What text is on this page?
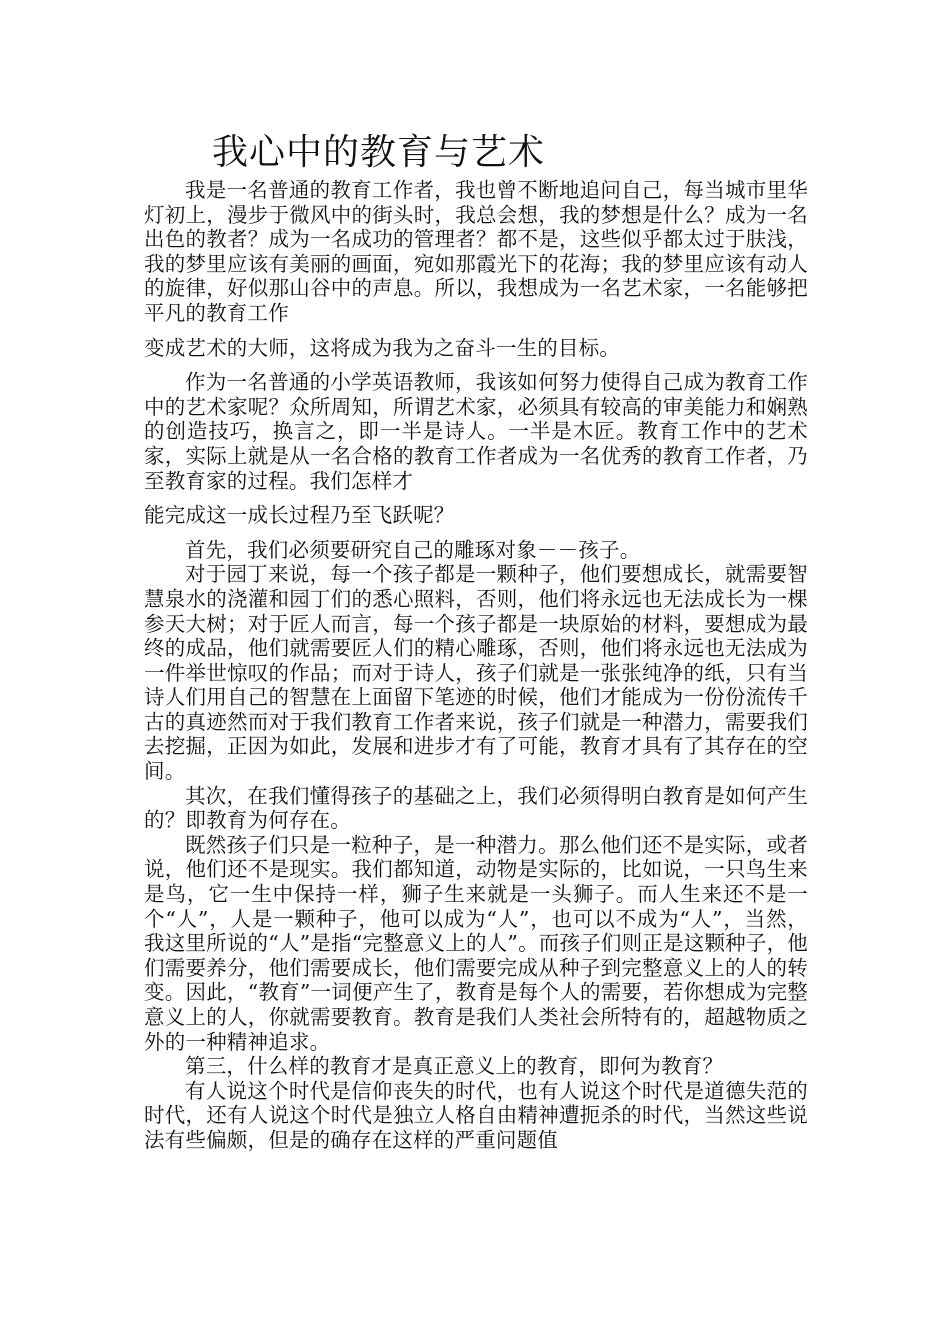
我心中的教育与艺术

我是一名普通的教育工作者，我也曾不断地追问自己，每当城市里华灯初上，漫步于微风中的街头时，我总会想，我的梦想是什么？成为一名出色的教者？成为一名成功的管理者？都不是，这些似乎都太过于肤浅，我的梦里应该有美丽的画面，宛如那霞光下的花海；我的梦里应该有动人的旋律，好似那山谷中的声息。所以，我想成为一名艺术家，一名能够把平凡的教育工作
变成艺术的大师，这将成为我为之奋斗一生的目标。

作为一名普通的小学英语教师，我该如何努力使得自己成为教育工作中的艺术家呢？众所周知，所谓艺术家，必须具有较高的审美能力和娴熟的创造技巧，换言之，即一半是诗人。一半是木匠。教育工作中的艺术家，实际上就是从一名合格的教育工作者成为一名优秀的教育工作者，乃至教育家的过程。我们怎样才
能完成这一成长过程乃至飞跃呢？

首先，我们必须要研究自己的雕琢对象－－孩子。

对于园丁来说，每一个孩子都是一颗种子，他们要想成长，就需要智慧泉水的浇灌和园丁们的悉心照料，否则，他们将永远也无法成长为一棵参天大树；对于匠人而言，每一个孩子都是一块原始的材料，要想成为最终的成品，他们就需要匠人们的精心雕琢，否则，他们将永远也无法成为一件举世惊叹的作品；而对于诗人，孩子们就是一张张纯净的纸，只有当诗人们用自己的智慧在上面留下笔迹的时候，他们才能成为一份份流传千古的真迹然而对于我们教育工作者来说，孩子们就是一种潜力，需要我们去挖掘，正因为如此，发展和进步才有了可能，教育才具有了其存在的空间。

其次，在我们懂得孩子的基础之上，我们必须得明白教育是如何产生的？即教育为何存在。

既然孩子们只是一粒种子，是一种潜力。那么他们还不是实际，或者说，他们还不是现实。我们都知道，动物是实际的，比如说，一只鸟生来是鸟，它一生中保持一样，狮子生来就是一头狮子。而人生来还不是一个“人”，人是一颗种子，他可以成为“人”，也可以不成为“人”，当然，我这里所说的“人”是指“完整意义上的人”。而孩子们则正是这颗种子，他们需要养分，他们需要成长，他们需要完成从种子到完整意义上的人的转变。因此，“教育”一词便产生了，教育是每个人的需要，若你想成为完整意义上的人，你就需要教育。教育是我们人类社会所特有的，超越物质之外的一种精神追求。

第三，什么样的教育才是真正意义上的教育，即何为教育？

有人说这个时代是信仰丧失的时代，也有人说这个时代是道德失范的时代，还有人说这个时代是独立人格自由精神遭扼杀的时代，当然这些说法有些偏颇，但是的确存在这样的严重问题值
